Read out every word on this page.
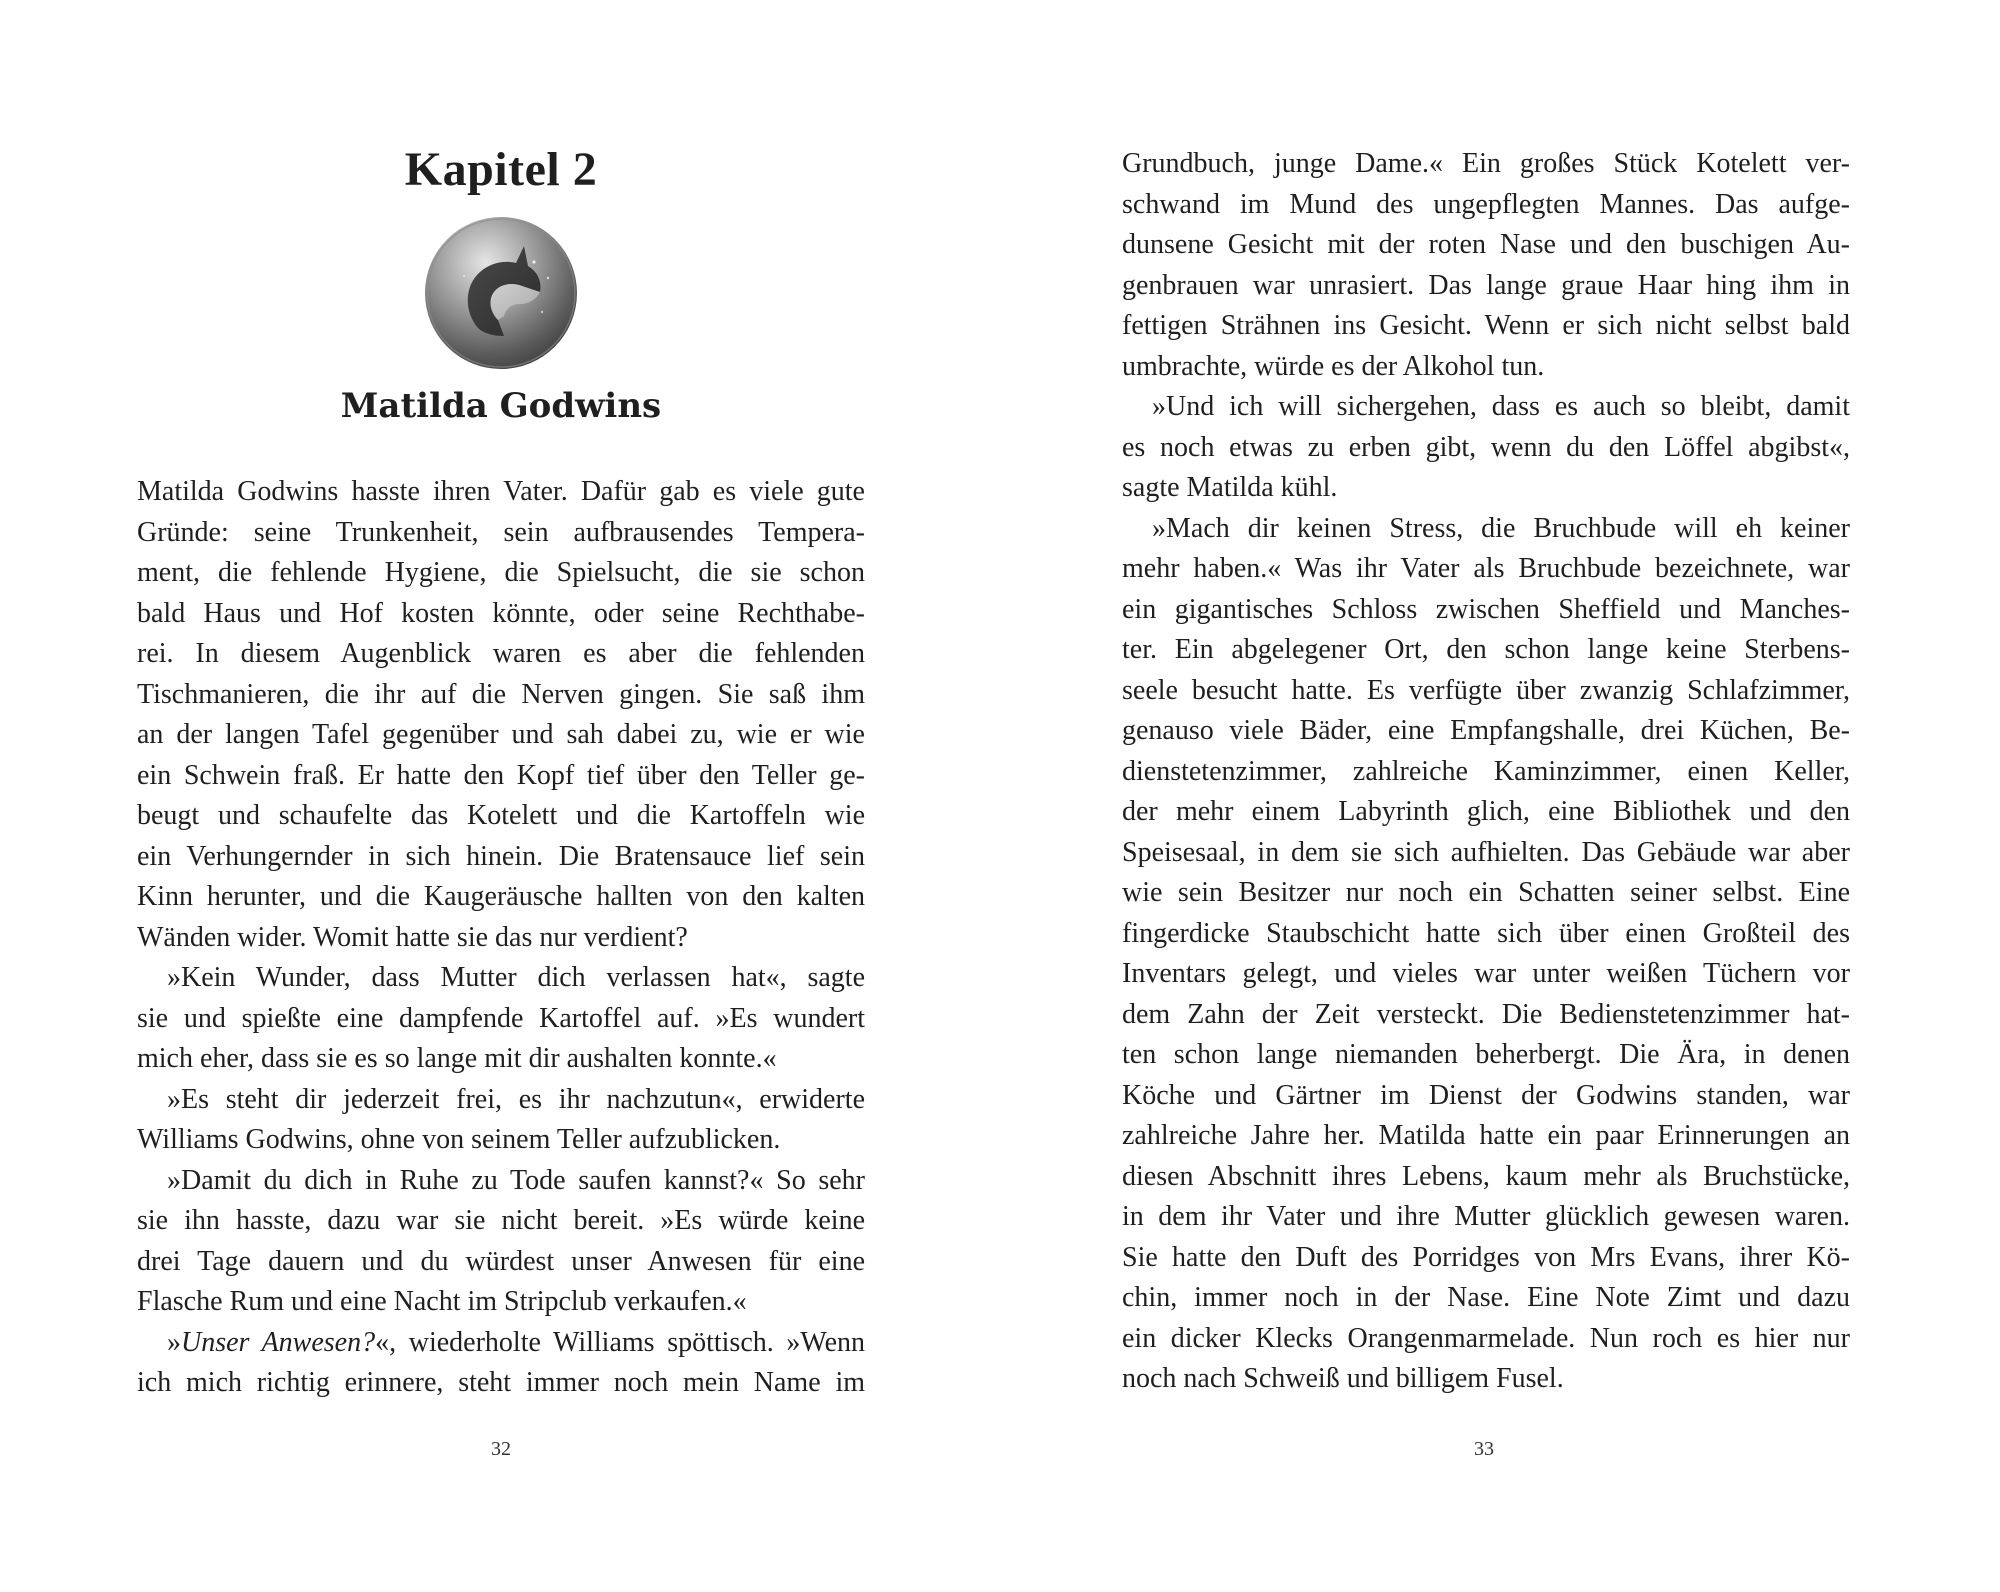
Kapitel 2
Matilda Godwins
Matilda Godwins hasste ihren Vater. Dafür gab es viele gute
Gründe: seine Trunkenheit, sein aufbrausendes Tempera-
ment, die fehlende Hygiene, die Spielsucht, die sie schon
bald Haus und Hof kosten könnte, oder seine Rechthabe-
rei. In diesem Augenblick waren es aber die fehlenden
Tischmanieren, die ihr auf die Nerven gingen. Sie saß ihm
an der langen Tafel gegenüber und sah dabei zu, wie er wie
ein Schwein fraß. Er hatte den Kopf tief über den Teller ge-
beugt und schaufelte das Kotelett und die Kartoffeln wie
ein Verhungernder in sich hinein. Die Bratensauce lief sein
Kinn herunter, und die Kaugeräusche hallten von den kalten
Wänden wider. Womit hatte sie das nur verdient?
»Kein Wunder, dass Mutter dich verlassen hat«, sagte
sie und spießte eine dampfende Kartoffel auf. »Es wundert
mich eher, dass sie es so lange mit dir aushalten konnte.«
»Es steht dir jederzeit frei, es ihr nachzutun«, erwiderte
Williams Godwins, ohne von seinem Teller aufzublicken.
»Damit du dich in Ruhe zu Tode saufen kannst?« So sehr
sie ihn hasste, dazu war sie nicht bereit. »Es würde keine
drei Tage dauern und du würdest unser Anwesen für eine
Flasche Rum und eine Nacht im Stripclub verkaufen.«
»Unser Anwesen?«, wiederholte Williams spöttisch. »Wenn
ich mich richtig erinnere, steht immer noch mein Name im
32
Grundbuch, junge Dame.« Ein großes Stück Kotelett ver-
schwand im Mund des ungepflegten Mannes. Das aufge-
dunsene Gesicht mit der roten Nase und den buschigen Au-
genbrauen war unrasiert. Das lange graue Haar hing ihm in
fettigen Strähnen ins Gesicht. Wenn er sich nicht selbst bald
umbrachte, würde es der Alkohol tun.
»Und ich will sichergehen, dass es auch so bleibt, damit
es noch etwas zu erben gibt, wenn du den Löffel abgibst«,
sagte Matilda kühl.
»Mach dir keinen Stress, die Bruchbude will eh keiner
mehr haben.« Was ihr Vater als Bruchbude bezeichnete, war
ein gigantisches Schloss zwischen Sheffield und Manches-
ter. Ein abgelegener Ort, den schon lange keine Sterbens-
seele besucht hatte. Es verfügte über zwanzig Schlafzimmer,
genauso viele Bäder, eine Empfangshalle, drei Küchen, Be-
dienstetenzimmer, zahlreiche Kaminzimmer, einen Keller,
der mehr einem Labyrinth glich, eine Bibliothek und den
Speisesaal, in dem sie sich aufhielten. Das Gebäude war aber
wie sein Besitzer nur noch ein Schatten seiner selbst. Eine
fingerdicke Staubschicht hatte sich über einen Großteil des
Inventars gelegt, und vieles war unter weißen Tüchern vor
dem Zahn der Zeit versteckt. Die Bedienstetenzimmer hat-
ten schon lange niemanden beherbergt. Die Ära, in denen
Köche und Gärtner im Dienst der Godwins standen, war
zahlreiche Jahre her. Matilda hatte ein paar Erinnerungen an
diesen Abschnitt ihres Lebens, kaum mehr als Bruchstücke,
in dem ihr Vater und ihre Mutter glücklich gewesen waren.
Sie hatte den Duft des Porridges von Mrs Evans, ihrer Kö-
chin, immer noch in der Nase. Eine Note Zimt und dazu
ein dicker Klecks Orangenmarmelade. Nun roch es hier nur
noch nach Schweiß und billigem Fusel.
33
